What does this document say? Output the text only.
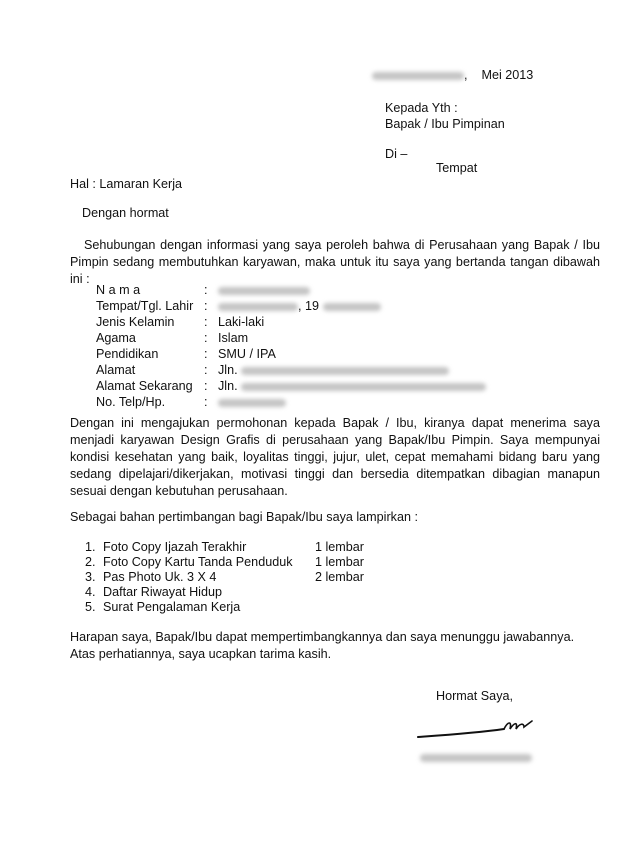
,    Mei 2013
Kepada Yth :
Bapak / Ibu Pimpinan
Di –
Tempat
Hal : Lamaran Kerja
Dengan hormat

Sehubungan dengan informasi yang saya peroleh bahwa di Perusahaan yang Bapak / Ibu Pimpin sedang membutuhkan karyawan, maka untuk itu saya yang bertanda tangan dibawah ini :

N a m a	:
Tempat/Tgl. Lahir :	, 19
Jenis Kelamin : Laki-laki
Agama	: Islam
Pendidikan	: SMU / IPA
Alamat	: Jln.
Alamat Sekarang : Jln.
No. Telp/Hp.	:

Dengan ini mengajukan permohonan kepada Bapak / Ibu, kiranya dapat menerima saya menjadi karyawan Design Grafis di perusahaan yang Bapak/Ibu Pimpin. Saya mempunyai kondisi kesehatan yang baik, loyalitas tinggi, jujur, ulet, cepat memahami bidang baru yang sedang dipelajari/dikerjakan, motivasi tinggi dan bersedia ditempatkan dibagian manapun sesuai dengan kebutuhan perusahaan.

Sebagai bahan pertimbangan bagi Bapak/Ibu saya lampirkan :
1. Foto Copy Ijazah Terakhir	1 lembar
2. Foto Copy Kartu Tanda Penduduk 1 lembar
3. Pas Photo Uk. 3 X 4	2 lembar
4. Daftar Riwayat Hidup
5. Surat Pengalaman Kerja
Harapan saya, Bapak/Ibu dapat mempertimbangkannya dan saya menunggu jawabannya.
Atas perhatiannya, saya ucapkan tarima kasih.
Hormat Saya,
